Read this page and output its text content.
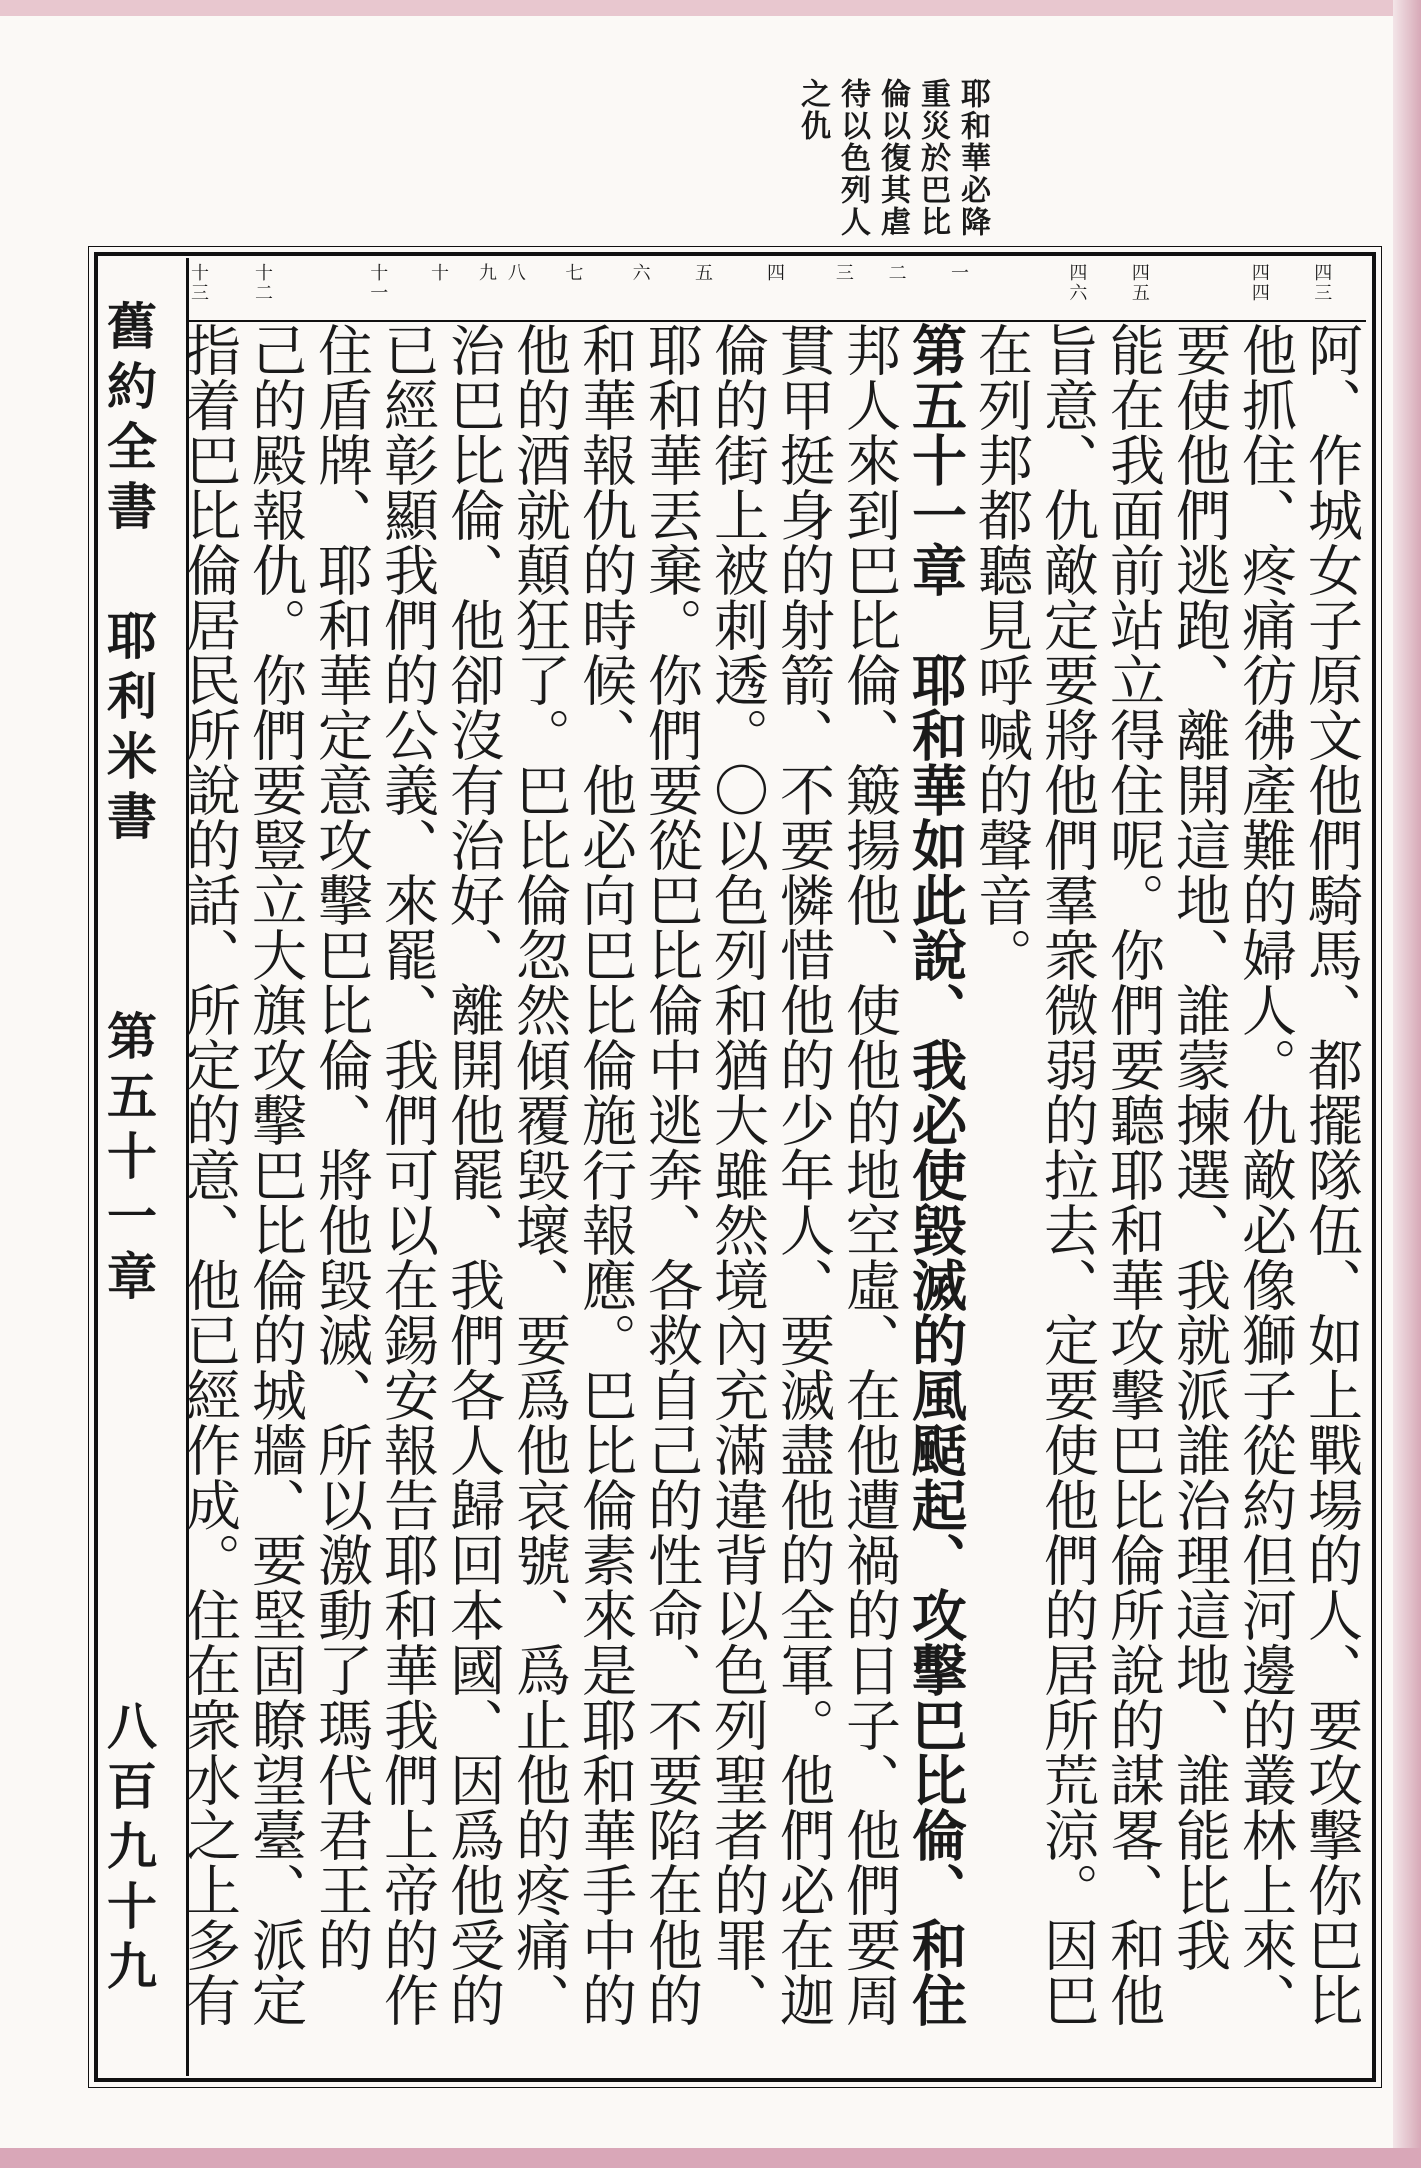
耶和華必降
重災於巴比
倫以復其虐
待以色列人
之仇
舊約全書
耶利米書
第五十一章
八百九十九
四
三
四
四
四
五
四
六
一
二
三
四
五
六
七
八
九
十
十
一
十
二
十
三
阿、作城女子原文他們騎馬、都擺隊伍、如上戰場的人、要攻擊你巴比
他抓住、疼痛彷彿產難的婦人。仇敵必像獅子從約但河邊的叢林上來、
要使他們逃跑、離開這地、誰蒙揀選、我就派誰治理這地、誰能比我
能在我面前站立得住呢。你們要聽耶和華攻擊巴比倫所說的謀畧、和他
旨意、仇敵定要將他們羣衆微弱的拉去、定要使他們的居所荒涼。因巴
在列邦都聽見呼喊的聲音。
第五十一章　耶和華如此說、我必使毀滅的風颳起、攻擊巴比倫、和住
邦人來到巴比倫、簸揚他、使他的地空虛、在他遭禍的日子、他們要周
貫甲挺身的射箭、不要憐惜他的少年人、要滅盡他的全軍。他們必在迦
倫的街上被刺透。〇以色列和猶大雖然境內充滿違背以色列聖者的罪、
耶和華丟棄。你們要從巴比倫中逃奔、各救自己的性命、不要陷在他的
和華報仇的時候、他必向巴比倫施行報應。巴比倫素來是耶和華手中的
他的酒就顛狂了。巴比倫忽然傾覆毀壞、要爲他哀號、爲止他的疼痛、
治巴比倫、他卻沒有治好、離開他罷、我們各人歸回本國、因爲他受的
已經彰顯我們的公義、來罷、我們可以在錫安報告耶和華我們上帝的作
住盾牌、耶和華定意攻擊巴比倫、將他毀滅、所以激動了瑪代君王的
己的殿報仇。你們要豎立大旗攻擊巴比倫的城牆、要堅固瞭望臺、派定
指着巴比倫居民所說的話、所定的意、他已經作成。住在衆水之上多有
